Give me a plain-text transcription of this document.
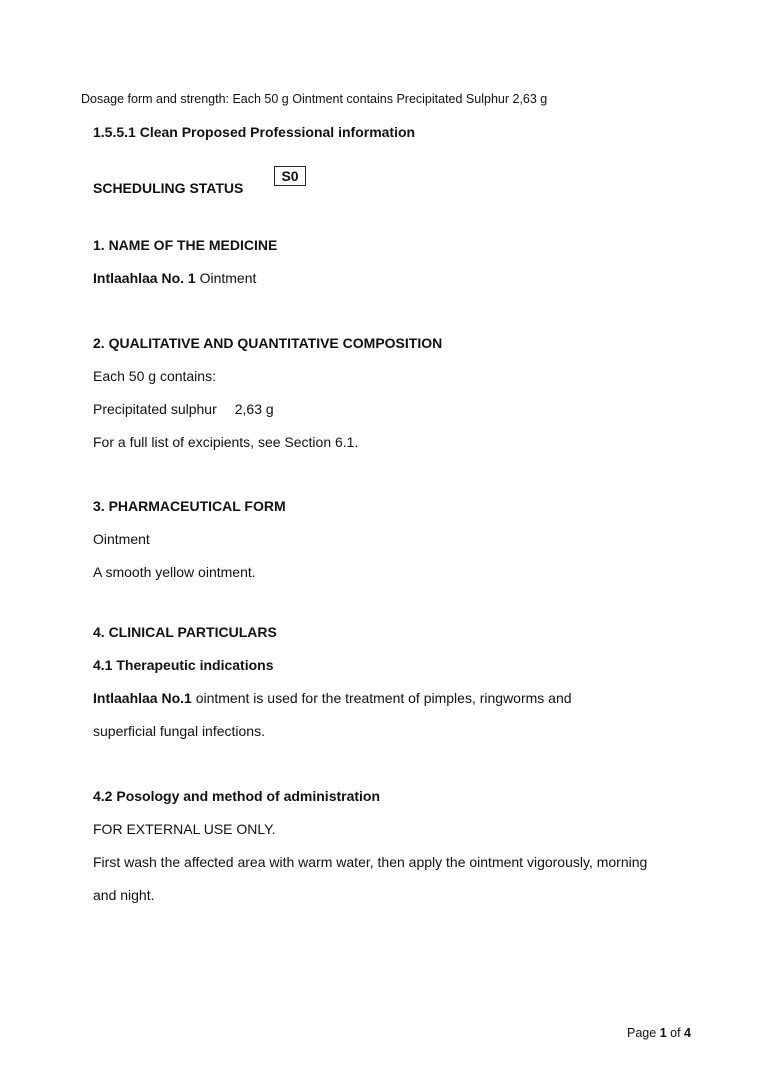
Dosage form and strength: Each 50 g Ointment contains Precipitated Sulphur 2,63 g
1.5.5.1 Clean Proposed Professional information
SCHEDULING STATUS
S0
1. NAME OF THE MEDICINE
Intlaahlaa No. 1 Ointment
2. QUALITATIVE AND QUANTITATIVE COMPOSITION
Each 50 g contains:
Precipitated sulphur 2,63 g
For a full list of excipients, see Section 6.1.
3. PHARMACEUTICAL FORM
Ointment
A smooth yellow ointment.
4. CLINICAL PARTICULARS
4.1 Therapeutic indications
Intlaahlaa No.1 ointment is used for the treatment of pimples, ringworms and
superficial fungal infections.
4.2 Posology and method of administration
FOR EXTERNAL USE ONLY.
First wash the affected area with warm water, then apply the ointment vigorously, morning
and night.
Page 1 of 4
